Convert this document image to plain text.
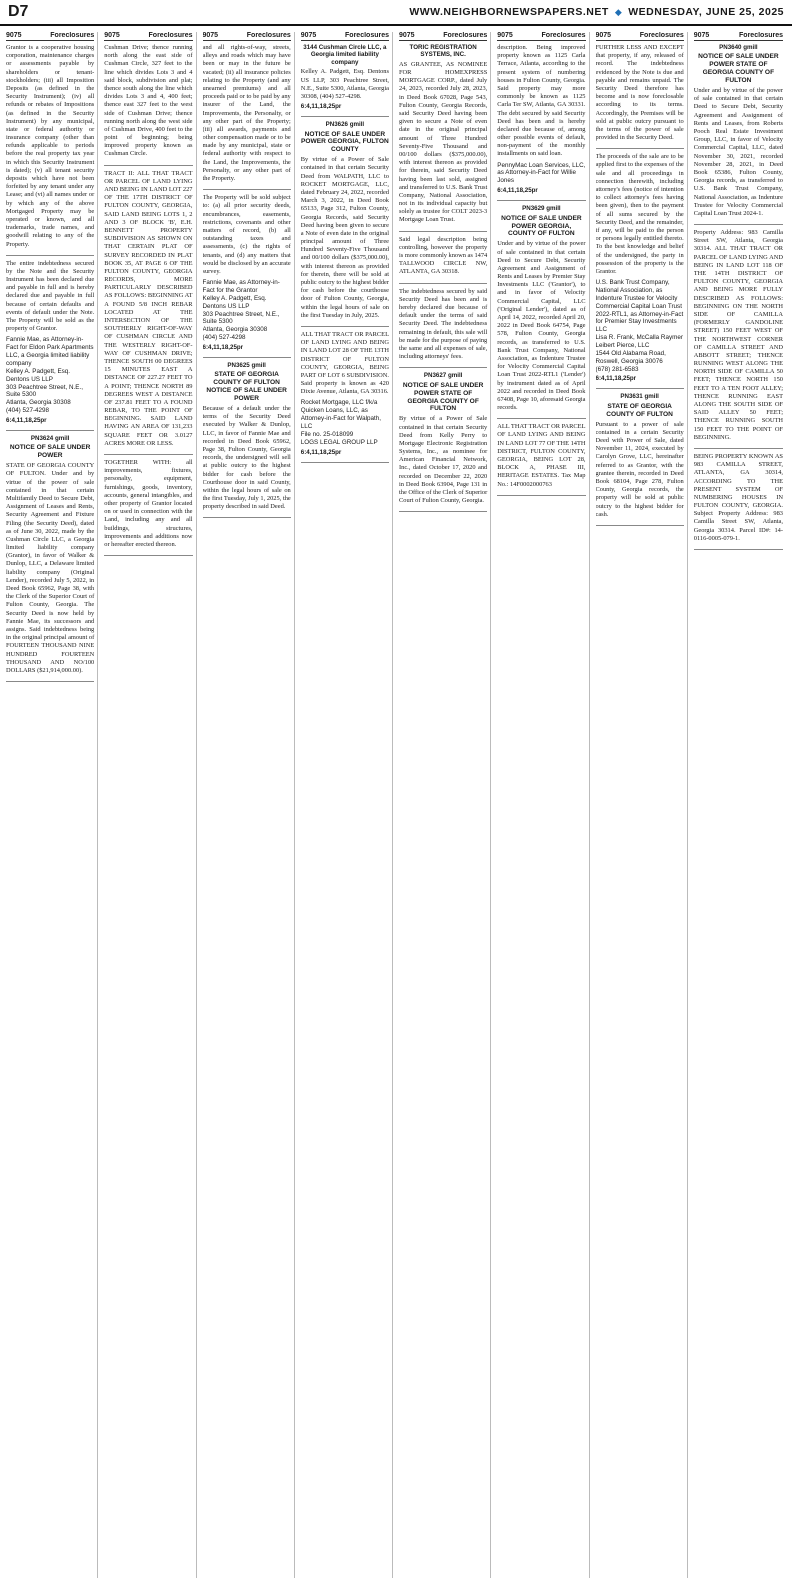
D7	WWW.NEIGHBORNEWSPAPERS.NET ◆ WEDNESDAY, JUNE 25, 2025
9075	Foreclosures

Grantor is a cooperative housing corporation, maintenance charges or assessments payable by shareholders or tenant-stockholders; (iii) all Imposition Deposits (as defined in the Security Instrument); (iv) all refunds or rebates of Impositions (as defined in the Security Instrument) by any municipal, state or federal authority or insurance company (other than refunds applicable to periods before the real property tax year in which this Security Instrument is dated); (v) all tenant security deposits which have not been forfeited by any tenant under any Lease; and (vi) all names under or by which any of the above Mortgaged Property may be operated or known, and all trademarks, trade names, and goodwill relating to any of the Property.

The entire indebtedness secured by the Note and the Security Instrument has been declared due and payable in full and is hereby declared due and payable in full because of certain defaults and events of default under the Note. The Property will be sold as the property of Grantor.

Fannie Mae, as Attorney-in-Fact for Eldon Park Apartments LLC, a Georgia limited liability company
Kelley A. Padgett, Esq.
Dentons US LLP
303 Peachtree Street, N.E., Suite 5300
Atlanta, Georgia 30308
(404) 527-4298
6:4,11,18,25pr
PN3624 gmill
NOTICE OF SALE UNDER POWER

STATE OF GEORGIA COUNTY OF FULTON. Under and by virtue of the power of sale contained in that certain Multifamily Deed to Secure Debt, Assignment of Leases and Rents, Security Agreement and Fixture Filing (the Security Deed), dated as of June 30, 2022, made by the Cushman Circle LLC, a Georgia limited liability company (Grantor), in favor of Walker & Dunlop, LLC, a Delaware limited liability company (Original Lender), recorded July 5, 2022, in Deed Book 65962, Page 38, with the Clerk of the Superior Court of Fulton County, Georgia. The Security Deed is now held by Fannie Mae, its successors and assigns. Said indebtedness being in the original principal amount of FOURTEEN THOUSAND NINE HUNDRED FOURTEEN THOUSAND AND NO/100 DOLLARS ($21,914,000.00).

9075	Foreclosures

Cushman Drive; thence running north along the east side of Cushman Circle, 327 feet to the line which divides Lots 3 and 4 said block, subdivision and plat; thence south along the line which divides Lots 3 and 4, 400 feet; thence east 327 feet to the west side of Cushman Drive; thence running north along the west side of Cushman Drive, 400 feet to the point of beginning; being improved property known as Cushman Circle.

TRACT II: ALL THAT TRACT OR PARCEL OF LAND LYING AND BEING IN LAND LOT 227 OF THE 17TH DISTRICT OF FULTON COUNTY, GEORGIA, SAID LAND BEING LOTS 1, 2 AND 3 OF BLOCK 'B', E.H. BENNETT PROPERTY SUBDIVISION AS SHOWN ON THAT CERTAIN PLAT OF SURVEY RECORDED IN PLAT BOOK 35, AT PAGE 6 OF THE FULTON COUNTY, GEORGIA RECORDS, MORE PARTICULARLY DESCRIBED AS FOLLOWS: BEGINNING AT A FOUND 5/8 INCH REBAR LOCATED AT THE INTERSECTION OF THE SOUTHERLY RIGHT-OF-WAY OF CUSHMAN CIRCLE AND THE WESTERLY RIGHT-OF-WAY OF CUSHMAN DRIVE; THENCE SOUTH 00 DEGREES 15 MINUTES EAST A DISTANCE OF 227.27 FEET TO A POINT; THENCE NORTH 89 DEGREES WEST A DISTANCE OF 237.81 FEET TO A FOUND REBAR, TO THE POINT OF BEGINNING. SAID LAND HAVING AN AREA OF 131,233 SQUARE FEET OR 3.0127 ACRES MORE OR LESS.

TOGETHER WITH: all improvements, fixtures, personalty, equipment, furnishings, goods, inventory, accounts, general intangibles, and other property of Grantor located on or used in connection with the Land, including any and all buildings, structures, improvements and additions now or hereafter erected thereon.

9075	Foreclosures

and all rights-of-way, streets, alleys and roads which may have been or may in the future be vacated; (ii) all insurance policies relating to the Property (and any unearned premiums) and all proceeds paid or to be paid by any insurer of the Land, the Improvements, the Personalty, or any other part of the Property; (iii) all awards, payments and other compensation made or to be made by any municipal, state or federal authority with respect to the Land, the Improvements, the Personalty, or any other part of the Property.

The Property will be sold subject to: (a) all prior security deeds, encumbrances, easements, restrictions, covenants and other matters of record, (b) all outstanding taxes and assessments, (c) the rights of tenants, and (d) any matters that would be disclosed by an accurate survey.

Fannie Mae, as Attorney-in-Fact for the Grantor
Kelley A. Padgett, Esq.
Dentons US LLP
303 Peachtree Street, N.E., Suite 5300
Atlanta, Georgia 30308
(404) 527-4298
6:4,11,18,25pr
PN3625 gmill
STATE OF GEORGIA COUNTY OF FULTON NOTICE OF SALE UNDER POWER

Because of a default under the terms of the Security Deed executed by Walker & Dunlop, LLC, in favor of Fannie Mae and recorded in Deed Book 65962, Page 38, Fulton County, Georgia records, the undersigned will sell at public outcry to the highest bidder for cash before the Courthouse door in said County, within the legal hours of sale on the first Tuesday, July 1, 2025, the property described in said Deed.

9075	Foreclosures
3144 Cushman Circle LLC, a Georgia limited liability company

Kelley A. Padgett, Esq. Dentons US LLP, 303 Peachtree Street, N.E., Suite 5300, Atlanta, Georgia 30308, (404) 527-4298.

6:4,11,18,25pr
PN3626 gmill
NOTICE OF SALE UNDER POWER GEORGIA, FULTON COUNTY

By virtue of a Power of Sale contained in that certain Security Deed from WALPATH, LLC to ROCKET MORTGAGE, LLC, dated February 24, 2022, recorded March 3, 2022, in Deed Book 65133, Page 312, Fulton County, Georgia Records, said Security Deed having been given to secure a Note of even date in the original principal amount of Three Hundred Seventy-Five Thousand and 00/100 dollars ($375,000.00), with interest thereon as provided for therein, there will be sold at public outcry to the highest bidder for cash before the courthouse door of Fulton County, Georgia, within the legal hours of sale on the first Tuesday in July, 2025.

ALL THAT TRACT OR PARCEL OF LAND LYING AND BEING IN LAND LOT 28 OF THE 13TH DISTRICT OF FULTON COUNTY, GEORGIA, BEING PART OF LOT 6 SUBDIVISION. Said property is known as 420 Dixie Avenue, Atlanta, GA 30316.

Rocket Mortgage, LLC f/k/a Quicken Loans, LLC, as Attorney-in-Fact for Walpath, LLC
File no. 25-018099
LOGS LEGAL GROUP LLP
6:4,11,18,25pr
9075	Foreclosures
TORIC REGISTRATION SYSTEMS, INC.

AS GRANTEE, AS NOMINEE FOR HOMEXPRESS MORTGAGE CORP., dated July 24, 2023, recorded July 28, 2023, in Deed Book 67028, Page 543, Fulton County, Georgia Records, said Security Deed having been given to secure a Note of even date in the original principal amount of Three Hundred Seventy-Five Thousand and 00/100 dollars ($375,000.00), with interest thereon as provided for therein, said Security Deed having been last sold, assigned and transferred to U.S. Bank Trust Company, National Association, not in its individual capacity but solely as trustee for COLT 2023-3 Mortgage Loan Trust.

Said legal description being controlling, however the property is more commonly known as 1474 TALLWOOD CIRCLE NW, ATLANTA, GA 30318.

The indebtedness secured by said Security Deed has been and is hereby declared due because of default under the terms of said Security Deed. The indebtedness remaining in default, this sale will be made for the purpose of paying the same and all expenses of sale, including attorneys' fees.

PN3627 gmill
NOTICE OF SALE UNDER POWER STATE OF GEORGIA COUNTY OF FULTON

By virtue of a Power of Sale contained in that certain Security Deed from Kelly Perry to Mortgage Electronic Registration Systems, Inc., as nominee for American Financial Network, Inc., dated October 17, 2020 and recorded on December 22, 2020 in Deed Book 63904, Page 131 in the Office of the Clerk of Superior Court of Fulton County, Georgia.

9075	Foreclosures

description. Being improved property known as 1125 Carla Terrace, Atlanta, according to the present system of numbering houses in Fulton County, Georgia. Said property may more commonly be known as 1125 Carla Ter SW, Atlanta, GA 30331. The debt secured by said Security Deed has been and is hereby declared due because of, among other possible events of default, non-payment of the monthly installments on said loan.

PennyMac Loan Services, LLC, as Attorney-in-Fact for Willie Jones
6:4,11,18,25pr
PN3629 gmill
NOTICE OF SALE UNDER POWER GEORGIA, COUNTY OF FULTON

Under and by virtue of the power of sale contained in that certain Deed to Secure Debt, Security Agreement and Assignment of Rents and Leases by Premier Stay Investments LLC ('Grantor'), to and in favor of Velocity Commercial Capital, LLC ('Original Lender'), dated as of April 14, 2022, recorded April 20, 2022 in Deed Book 64754, Page 578, Fulton County, Georgia records, as transferred to U.S. Bank Trust Company, National Association, as Indenture Trustee for Velocity Commercial Capital Loan Trust 2022-RTL1 ('Lender') by instrument dated as of April 2022 and recorded in Deed Book 67408, Page 10, aforesaid Georgia records.

ALL THAT TRACT OR PARCEL OF LAND LYING AND BEING IN LAND LOT 77 OF THE 14TH DISTRICT, FULTON COUNTY, GEORGIA, BEING LOT 28, BLOCK A, PHASE III, HERITAGE ESTATES. Tax Map No.: 14F0002000763

9075	Foreclosures

FURTHER LESS AND EXCEPT that property, if any, released of record. The indebtedness evidenced by the Note is due and payable and remains unpaid. The Security Deed therefore has become and is now foreclosable according to its terms. Accordingly, the Premises will be sold at public outcry pursuant to the terms of the power of sale provided in the Security Deed.

The proceeds of the sale are to be applied first to the expenses of the sale and all proceedings in connection therewith, including attorney's fees (notice of intention to collect attorney's fees having been given), then to the payment of all sums secured by the Security Deed, and the remainder, if any, will be paid to the person or persons legally entitled thereto. To the best knowledge and belief of the undersigned, the party in possession of the property is the Grantor.

U.S. Bank Trust Company, National Association, as Indenture Trustee for Velocity Commercial Capital Loan Trust 2022-RTL1, as Attorney-in-Fact for Premier Stay Investments LLC
Lisa R. Frank, McCalla Raymer Leibert Pierce, LLC
1544 Old Alabama Road, Roswell, Georgia 30076
(678) 281-6583
6:4,11,18,25pr
PN3631 gmill
STATE OF GEORGIA COUNTY OF FULTON

Pursuant to a power of sale contained in a certain Security Deed with Power of Sale, dated November 11, 2024, executed by Carolyn Grove, LLC, hereinafter referred to as Grantor, with the grantee therein, recorded in Deed Book 68104, Page 278, Fulton County, Georgia records, the property will be sold at public outcry to the highest bidder for cash.

9075	Foreclosures
PN3640 gmill
NOTICE OF SALE UNDER POWER STATE OF GEORGIA COUNTY OF FULTON

Under and by virtue of the power of sale contained in that certain Deed to Secure Debt, Security Agreement and Assignment of Rents and Leases, from Roberts Pooch Real Estate Investment Group, LLC, in favor of Velocity Commercial Capital, LLC, dated November 30, 2021, recorded November 28, 2021, in Deed Book 65386, Fulton County, Georgia records, as transferred to U.S. Bank Trust Company, National Association, as Indenture Trustee for Velocity Commercial Capital Loan Trust 2024-1.

Property Address: 983 Camilla Street SW, Atlanta, Georgia 30314. ALL THAT TRACT OR PARCEL OF LAND LYING AND BEING IN LAND LOT 118 OF THE 14TH DISTRICT OF FULTON COUNTY, GEORGIA AND BEING MORE FULLY DESCRIBED AS FOLLOWS: BEGINNING ON THE NORTH SIDE OF CAMILLA (FORMERLY GANDOLINE STREET) 150 FEET WEST OF THE NORTHWEST CORNER OF CAMILLA STREET AND ABBOTT STREET; THENCE RUNNING WEST ALONG THE NORTH SIDE OF CAMILLA 50 FEET; THENCE NORTH 150 FEET TO A TEN FOOT ALLEY; THENCE RUNNING EAST ALONG THE SOUTH SIDE OF SAID ALLEY 50 FEET; THENCE RUNNING SOUTH 150 FEET TO THE POINT OF BEGINNING.

BEING PROPERTY KNOWN AS 983 CAMILLA STREET, ATLANTA, GA 30314, ACCORDING TO THE PRESENT SYSTEM OF NUMBERING HOUSES IN FULTON COUNTY, GEORGIA. Subject Property Address: 983 Camilla Street SW, Atlanta, Georgia 30314. Parcel ID#: 14-0116-0005-079-1.
